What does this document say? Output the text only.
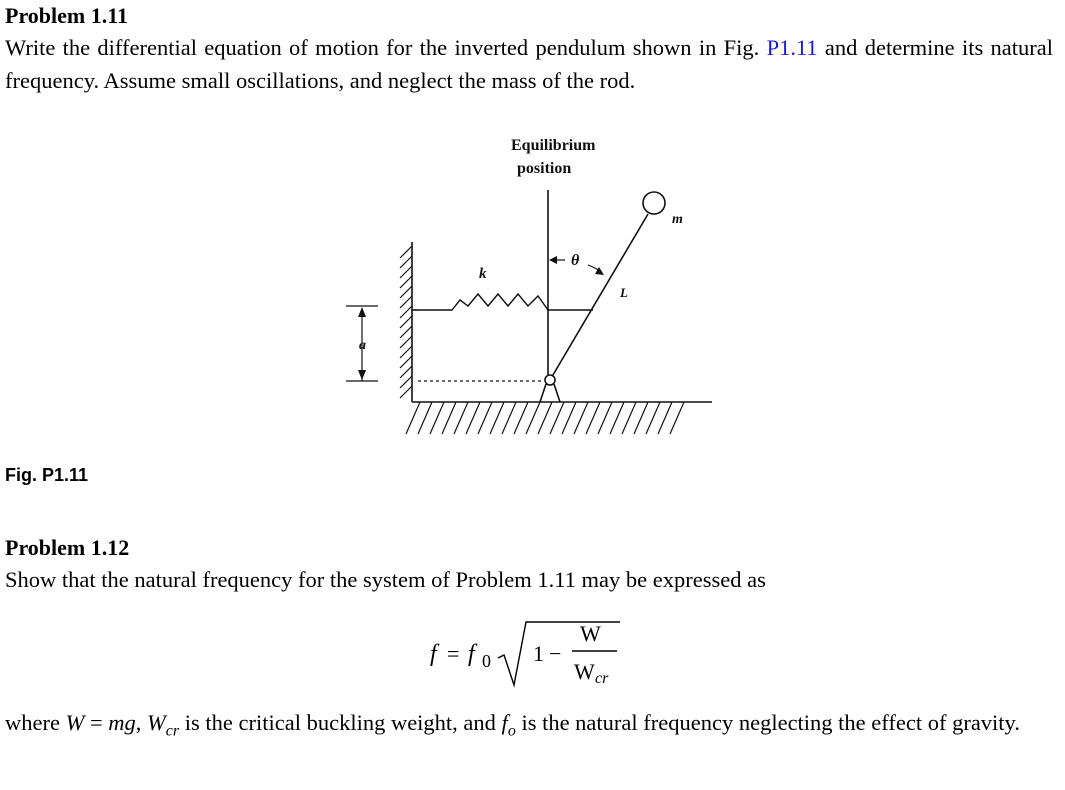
Problem 1.11
Write the differential equation of motion for the inverted pendulum shown in Fig. P1.11 and determine its natural frequency. Assume small oscillations, and neglect the mass of the rod.
Equilibrium
position
m
k
θ
L
a
Fig. P1.11
Problem 1.12
Show that the natural frequency for the system of Problem 1.11 may be expressed as
f = f 0 1 −
W
W cr
where W = mg, $W_{cr}$ is the critical buckling weight, and $f_o$ is the natural frequency neglecting the effect of gravity.
